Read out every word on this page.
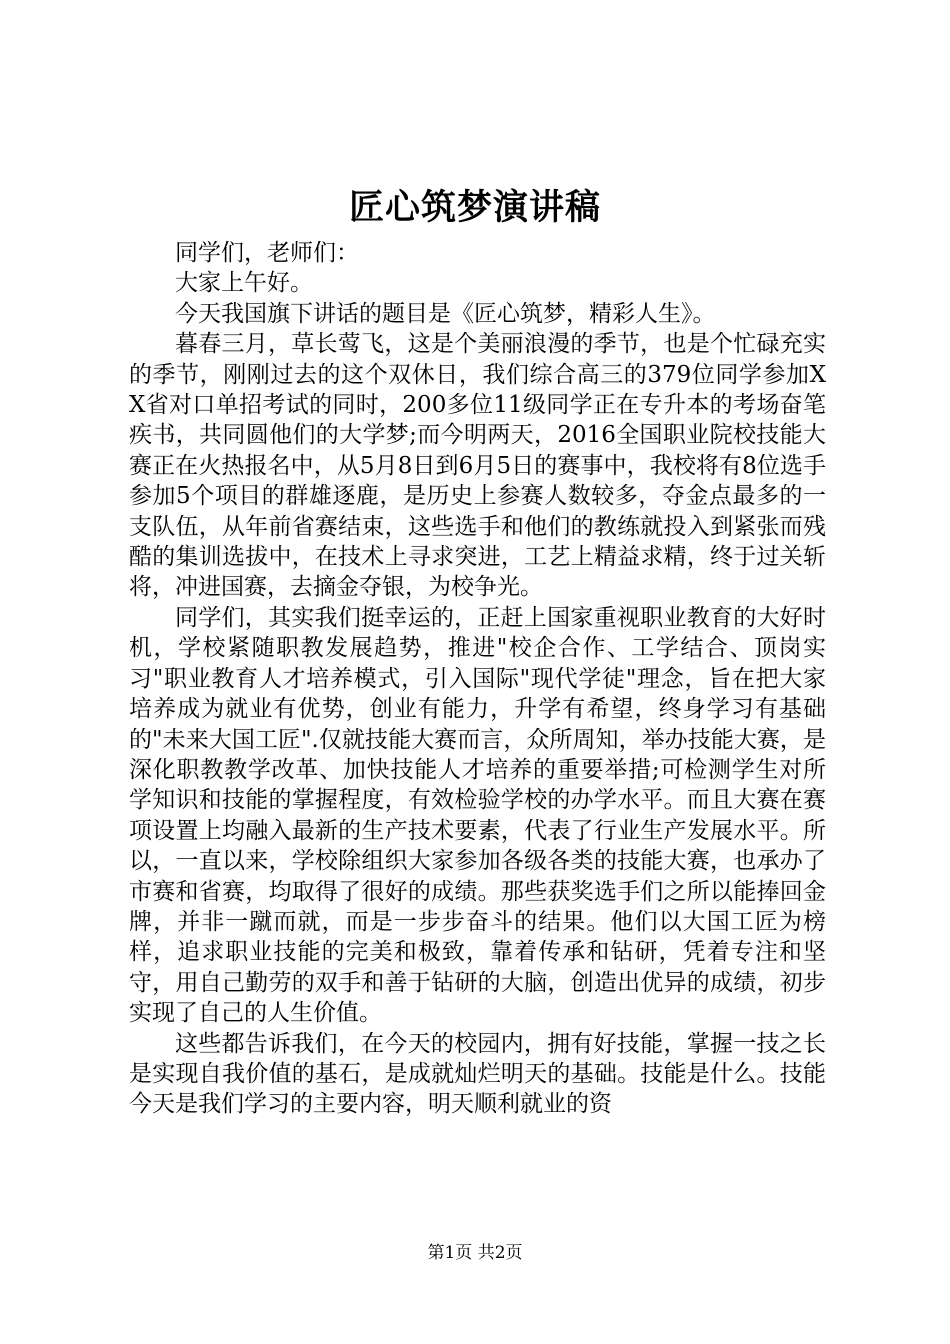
匠心筑梦演讲稿

同学们，老师们：

大家上午好。

今天我国旗下讲话的题目是《匠心筑梦，精彩人生》。

暮春三月，草长莺飞，这是个美丽浪漫的季节，也是个忙碌充实的季节，刚刚过去的这个双休日，我们综合高三的379位同学参加XX省对口单招考试的同时，200多位11级同学正在专升本的考场奋笔疾书，共同圆他们的大学梦;而今明两天，2016全国职业院校技能大赛正在火热报名中，从5月8日到6月5日的赛事中，我校将有8位选手参加5个项目的群雄逐鹿，是历史上参赛人数较多，夺金点最多的一支队伍，从年前省赛结束，这些选手和他们的教练就投入到紧张而残酷的集训选拔中，在技术上寻求突进，工艺上精益求精，终于过关斩将，冲进国赛，去摘金夺银，为校争光。

同学们，其实我们挺幸运的，正赶上国家重视职业教育的大好时机，学校紧随职教发展趋势，推进"校企合作、工学结合、顶岗实习"职业教育人才培养模式，引入国际"现代学徒"理念，旨在把大家培养成为就业有优势，创业有能力，升学有希望，终身学习有基础的"未来大国工匠".仅就技能大赛而言，众所周知，举办技能大赛，是深化职教教学改革、加快技能人才培养的重要举措;可检测学生对所学知识和技能的掌握程度，有效检验学校的办学水平。而且大赛在赛项设置上均融入最新的生产技术要素，代表了行业生产发展水平。所以，一直以来，学校除组织大家参加各级各类的技能大赛，也承办了市赛和省赛，均取得了很好的成绩。那些获奖选手们之所以能捧回金牌，并非一蹴而就，而是一步步奋斗的结果。他们以大国工匠为榜样，追求职业技能的完美和极致，靠着传承和钻研，凭着专注和坚守，用自己勤劳的双手和善于钻研的大脑，创造出优异的成绩，初步实现了自己的人生价值。

这些都告诉我们，在今天的校园内，拥有好技能，掌握一技之长是实现自我价值的基石，是成就灿烂明天的基础。技能是什么。技能今天是我们学习的主要内容，明天顺利就业的资

第1页 共2页
